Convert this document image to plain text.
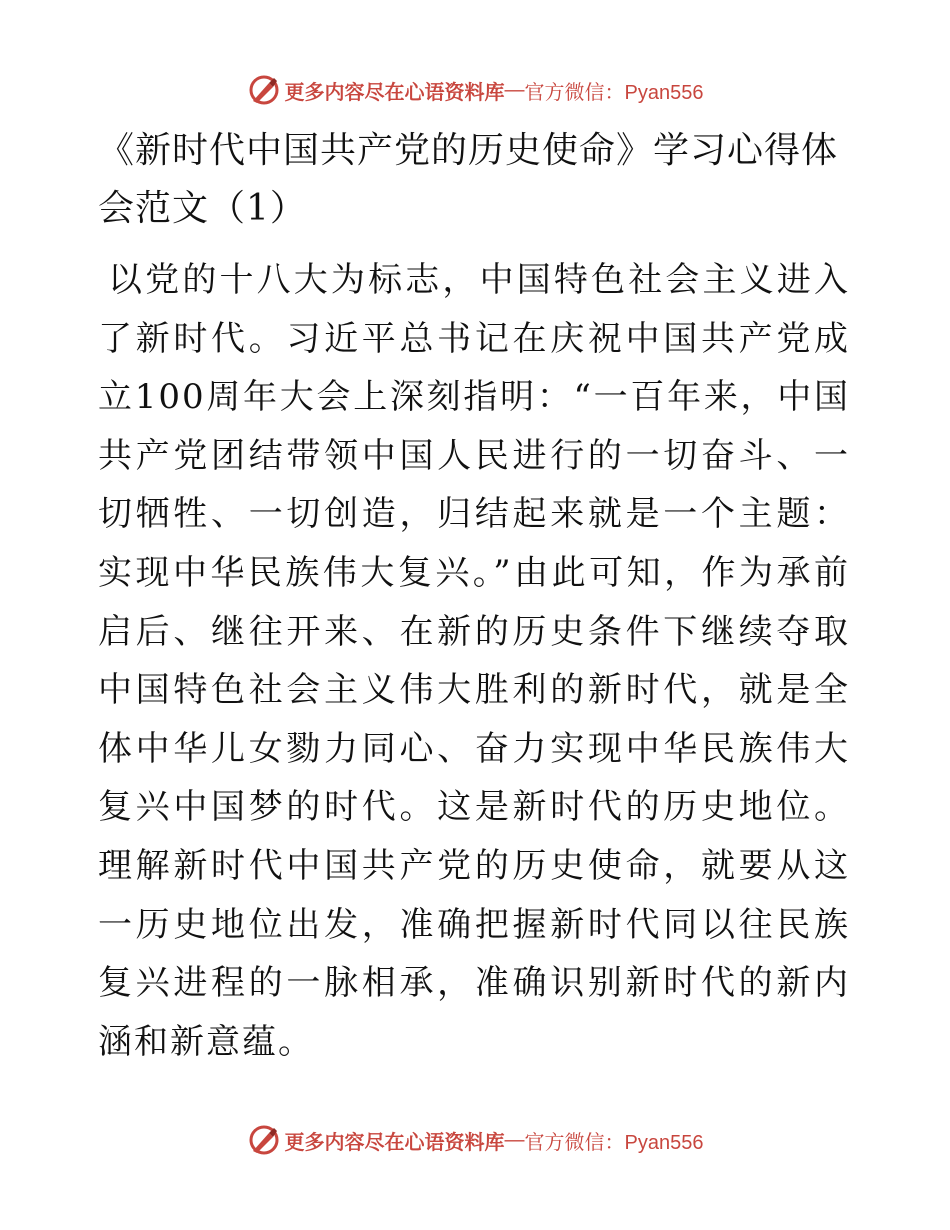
更多内容尽在心语资料库 — 官方微信：Pyan556
《新时代中国共产党的历史使命》学习心得体会范文（1）

以党的十八大为标志，中国特色社会主义进入了新时代。习近平总书记在庆祝中国共产党成立100周年大会上深刻指明：“一百年来，中国共产党团结带领中国人民进行的一切奋斗、一切牺牲、一切创造，归结起来就是一个主题：实现中华民族伟大复兴。”由此可知，作为承前启后、继往开来、在新的历史条件下继续夺取中国特色社会主义伟大胜利的新时代，就是全体中华儿女勠力同心、奋力实现中华民族伟大复兴中国梦的时代。这是新时代的历史地位。理解新时代中国共产党的历史使命，就要从这一历史地位出发，准确把握新时代同以往民族复兴进程的一脉相承，准确识别新时代的新内涵和新意蕴。

更多内容尽在心语资料库 — 官方微信：Pyan556
